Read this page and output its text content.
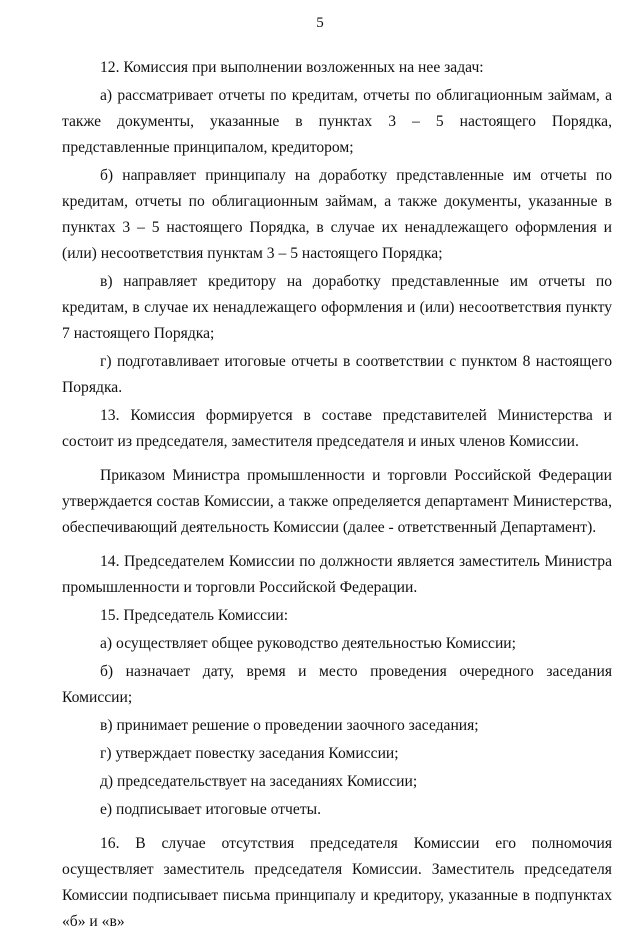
5

12. Комиссия при выполнении возложенных на нее задач:

а) рассматривает отчеты по кредитам, отчеты по облигационным займам, а также документы, указанные в пунктах 3 – 5 настоящего Порядка, представленные принципалом, кредитором;

б) направляет принципалу на доработку представленные им отчеты по кредитам, отчеты по облигационным займам, а также документы, указанные в пунктах 3 – 5 настоящего Порядка, в случае их ненадлежащего оформления и (или) несоответствия пунктам 3 – 5 настоящего Порядка;

в) направляет кредитору на доработку представленные им отчеты по кредитам, в случае их ненадлежащего оформления и (или) несоответствия пункту 7 настоящего Порядка;

г) подготавливает итоговые отчеты в соответствии с пунктом 8 настоящего Порядка.

13. Комиссия формируется в составе представителей Министерства и состоит из председателя, заместителя председателя и иных членов Комиссии.

Приказом Министра промышленности и торговли Российской Федерации утверждается состав Комиссии, а также определяется департамент Министерства, обеспечивающий деятельность Комиссии (далее - ответственный Департамент).

14. Председателем Комиссии по должности является заместитель Министра промышленности и торговли Российской Федерации.

15. Председатель Комиссии:

а) осуществляет общее руководство деятельностью Комиссии;

б) назначает дату, время и место проведения очередного заседания Комиссии;

в) принимает решение о проведении заочного заседания;

г) утверждает повестку заседания Комиссии;

д) председательствует на заседаниях Комиссии;

е) подписывает итоговые отчеты.

16. В случае отсутствия председателя Комиссии его полномочия осуществляет заместитель председателя Комиссии. Заместитель председателя Комиссии подписывает письма принципалу и кредитору, указанные в подпунктах «б» и «в»
